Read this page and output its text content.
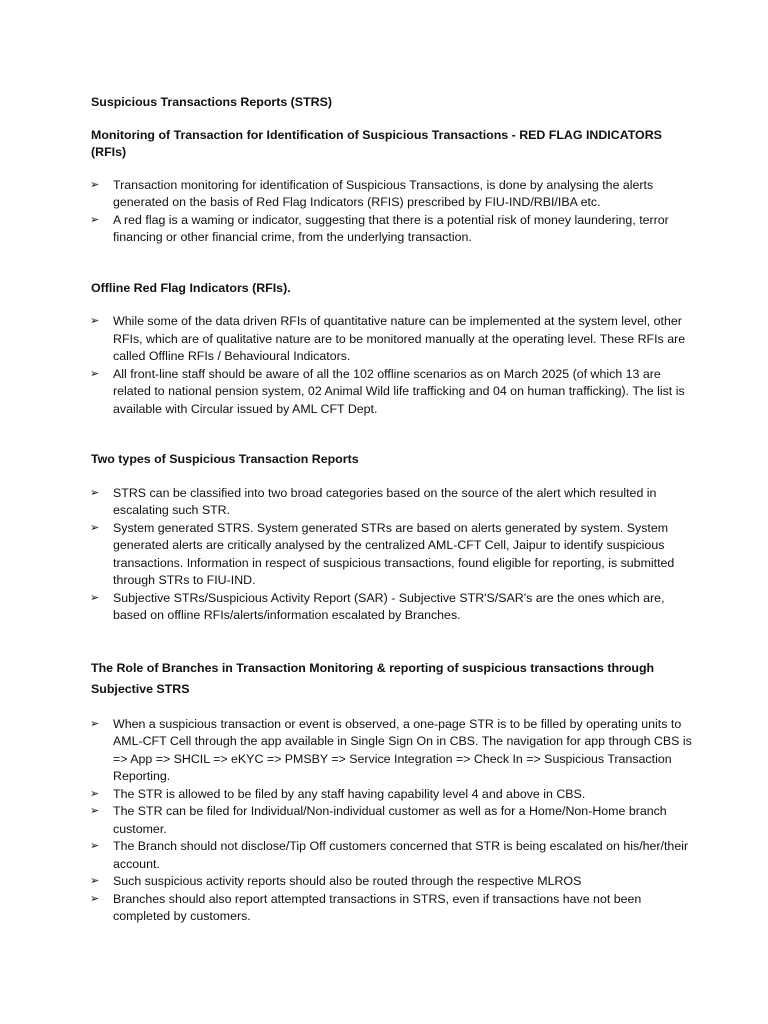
Suspicious Transactions Reports (STRS)

Monitoring of Transaction for Identification of Suspicious Transactions - RED FLAG INDICATORS (RFIs)

➢ Transaction monitoring for identification of Suspicious Transactions, is done by analysing the alerts generated on the basis of Red Flag Indicators (RFIS) prescribed by FIU-IND/RBI/IBA etc.
➢ A red flag is a waming or indicator, suggesting that there is a potential risk of money laundering, terror financing or other financial crime, from the underlying transaction.

Offline Red Flag Indicators (RFIs).

➢ While some of the data driven RFIs of quantitative nature can be implemented at the system level, other RFIs, which are of qualitative nature are to be monitored manually at the operating level. These RFIs are called Offline RFIs / Behavioural Indicators.
➢ All front-line staff should be aware of all the 102 offline scenarios as on March 2025 (of which 13 are related to national pension system, 02 Animal Wild life trafficking and 04 on human trafficking). The list is available with Circular issued by AML CFT Dept.

Two types of Suspicious Transaction Reports

➢ STRS can be classified into two broad categories based on the source of the alert which resulted in escalating such STR.
➢ System generated STRS. System generated STRs are based on alerts generated by system. System generated alerts are critically analysed by the centralized AML-CFT Cell, Jaipur to identify suspicious transactions. Information in respect of suspicious transactions, found eligible for reporting, is submitted through STRs to FIU-IND.
➢ Subjective STRs/Suspicious Activity Report (SAR) - Subjective STR'S/SAR's are the ones which are, based on offline RFIs/alerts/information escalated by Branches.

The Role of Branches in Transaction Monitoring & reporting of suspicious transactions through Subjective STRS

➢ When a suspicious transaction or event is observed, a one-page STR is to be filled by operating units to AML-CFT Cell through the app available in Single Sign On in CBS. The navigation for app through CBS is => App => SHCIL => eKYC => PMSBY => Service Integration => Check In => Suspicious Transaction Reporting.
➢ The STR is allowed to be filed by any staff having capability level 4 and above in CBS.
➢ The STR can be filed for Individual/Non-individual customer as well as for a Home/Non-Home branch customer.
➢ The Branch should not disclose/Tip Off customers concerned that STR is being escalated on his/her/their account.
➢ Such suspicious activity reports should also be routed through the respective MLROS
➢ Branches should also report attempted transactions in STRS, even if transactions have not been completed by customers.
